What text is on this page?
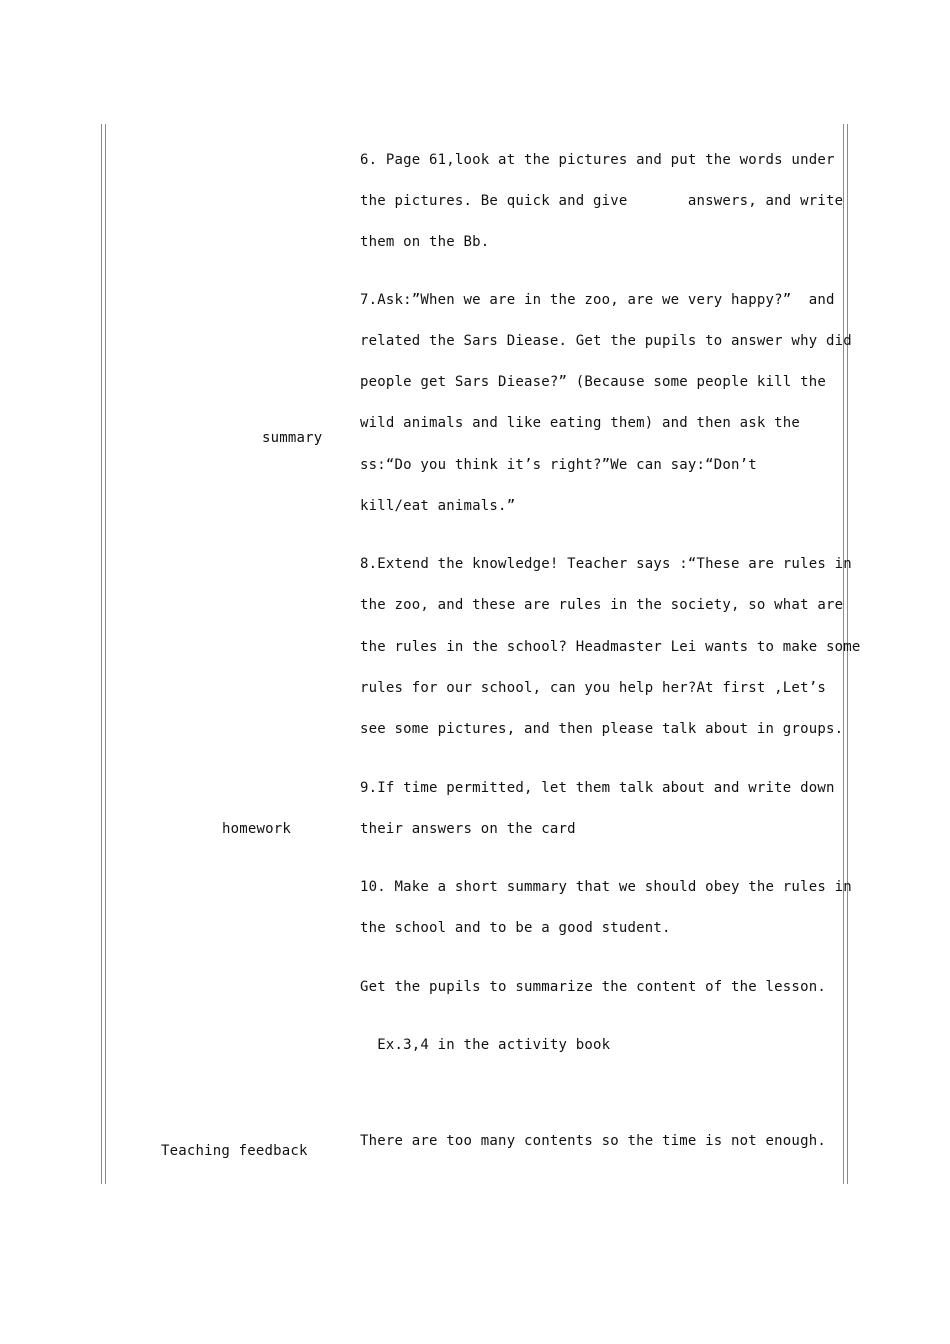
summary
homework
Teaching feedback
6. Page 61,look at the pictures and put the words under
the pictures. Be quick and give       answers, and write
them on the Bb.
7.Ask:”When we are in the zoo, are we very happy?”  and
related the Sars Diease. Get the pupils to answer why did
people get Sars Diease?” (Because some people kill the
wild animals and like eating them) and then ask the
ss:“Do you think it’s right?”We can say:“Don’t
kill/eat animals.”
8.Extend the knowledge! Teacher says :“These are rules in
the zoo, and these are rules in the society, so what are
the rules in the school? Headmaster Lei wants to make some
rules for our school, can you help her?At first ,Let’s
see some pictures, and then please talk about in groups.
9.If time permitted, let them talk about and write down
their answers on the card
10. Make a short summary that we should obey the rules in
the school and to be a good student.
Get the pupils to summarize the content of the lesson.
Ex.3,4 in the activity book
There are too many contents so the time is not enough.
